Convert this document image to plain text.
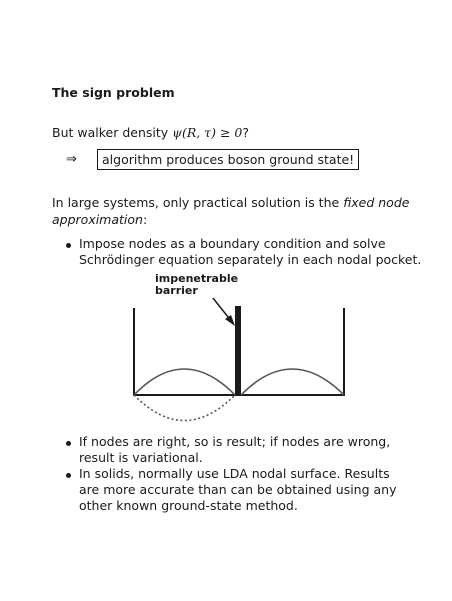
The sign problem
But walker density ψ(R, τ) ≥ 0?
⇒	algorithm produces boson ground state!
In large systems, only practical solution is the fixed node approximation:
Impose nodes as a boundary condition and solve
Schrödinger equation separately in each nodal pocket.
impenetrable
barrier
If nodes are right, so is result; if nodes are wrong,
result is variational.
In solids, normally use LDA nodal surface. Results
are more accurate than can be obtained using any
other known ground-state method.
